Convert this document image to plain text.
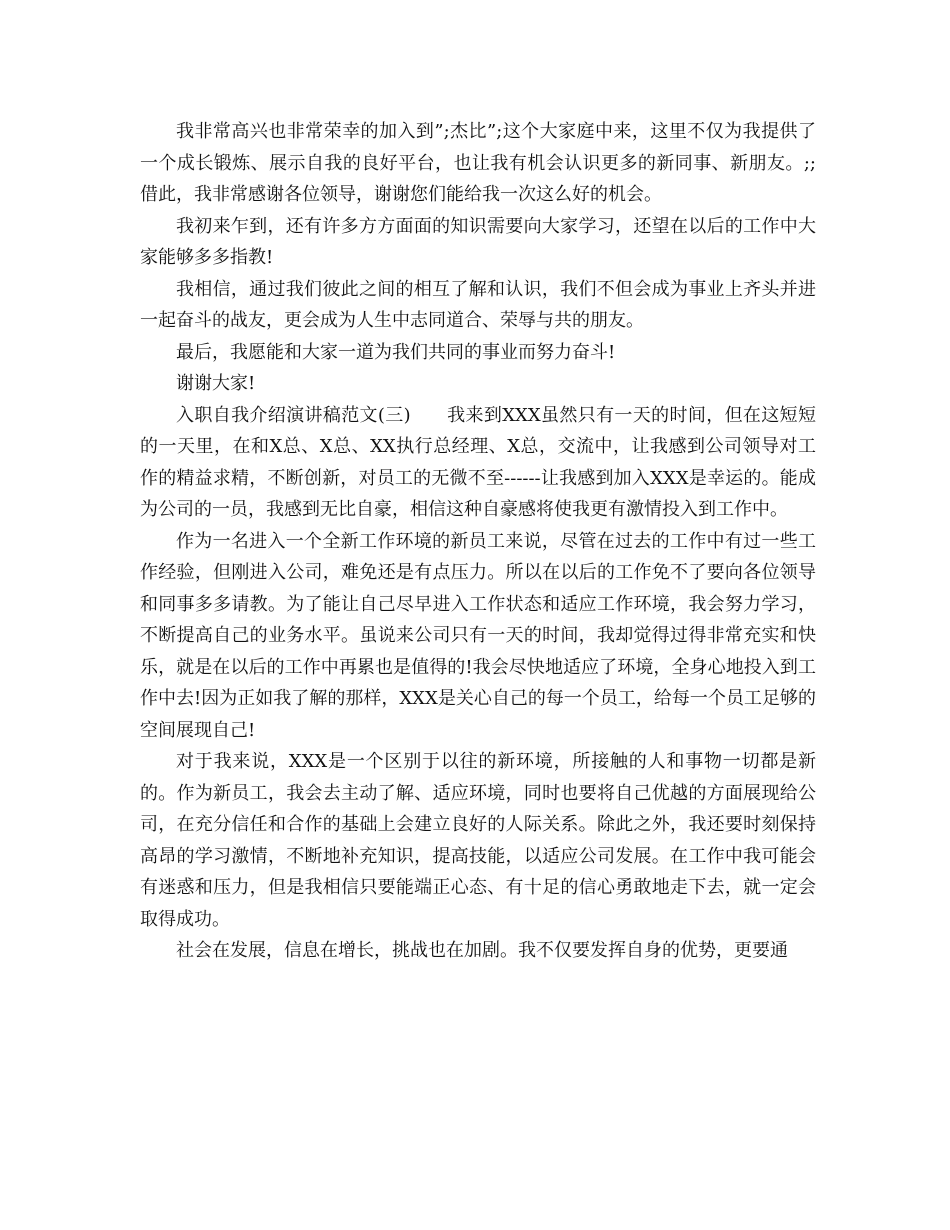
我非常高兴也非常荣幸的加入到”;杰比”;这个大家庭中来，这里不仅为我提供了一个成长锻炼、展示自我的良好平台，也让我有机会认识更多的新同事、新朋友。;;借此，我非常感谢各位领导，谢谢您们能给我一次这么好的机会。

我初来乍到，还有许多方方面面的知识需要向大家学习，还望在以后的工作中大家能够多多指教!

我相信，通过我们彼此之间的相互了解和认识，我们不但会成为事业上齐头并进一起奋斗的战友，更会成为人生中志同道合、荣辱与共的朋友。

最后，我愿能和大家一道为我们共同的事业而努力奋斗!

谢谢大家!

入职自我介绍演讲稿范文(三)      我来到XXX虽然只有一天的时间，但在这短短的一天里，在和X总、X总、XX执行总经理、X总，交流中，让我感到公司领导对工作的精益求精，不断创新，对员工的无微不至------让我感到加入XXX是幸运的。能成为公司的一员，我感到无比自豪，相信这种自豪感将使我更有激情投入到工作中。

作为一名进入一个全新工作环境的新员工来说，尽管在过去的工作中有过一些工作经验，但刚进入公司，难免还是有点压力。所以在以后的工作免不了要向各位领导和同事多多请教。为了能让自己尽早进入工作状态和适应工作环境，我会努力学习，不断提高自己的业务水平。虽说来公司只有一天的时间，我却觉得过得非常充实和快乐，就是在以后的工作中再累也是值得的!我会尽快地适应了环境，全身心地投入到工作中去!因为正如我了解的那样，XXX是关心自己的每一个员工，给每一个员工足够的空间展现自己!

对于我来说，XXX是一个区别于以往的新环境，所接触的人和事物一切都是新的。作为新员工，我会去主动了解、适应环境，同时也要将自己优越的方面展现给公司，在充分信任和合作的基础上会建立良好的人际关系。除此之外，我还要时刻保持高昂的学习激情，不断地补充知识，提高技能，以适应公司发展。在工作中我可能会有迷惑和压力，但是我相信只要能端正心态、有十足的信心勇敢地走下去，就一定会取得成功。

社会在发展，信息在增长，挑战也在加剧。我不仅要发挥自身的优势，更要通
